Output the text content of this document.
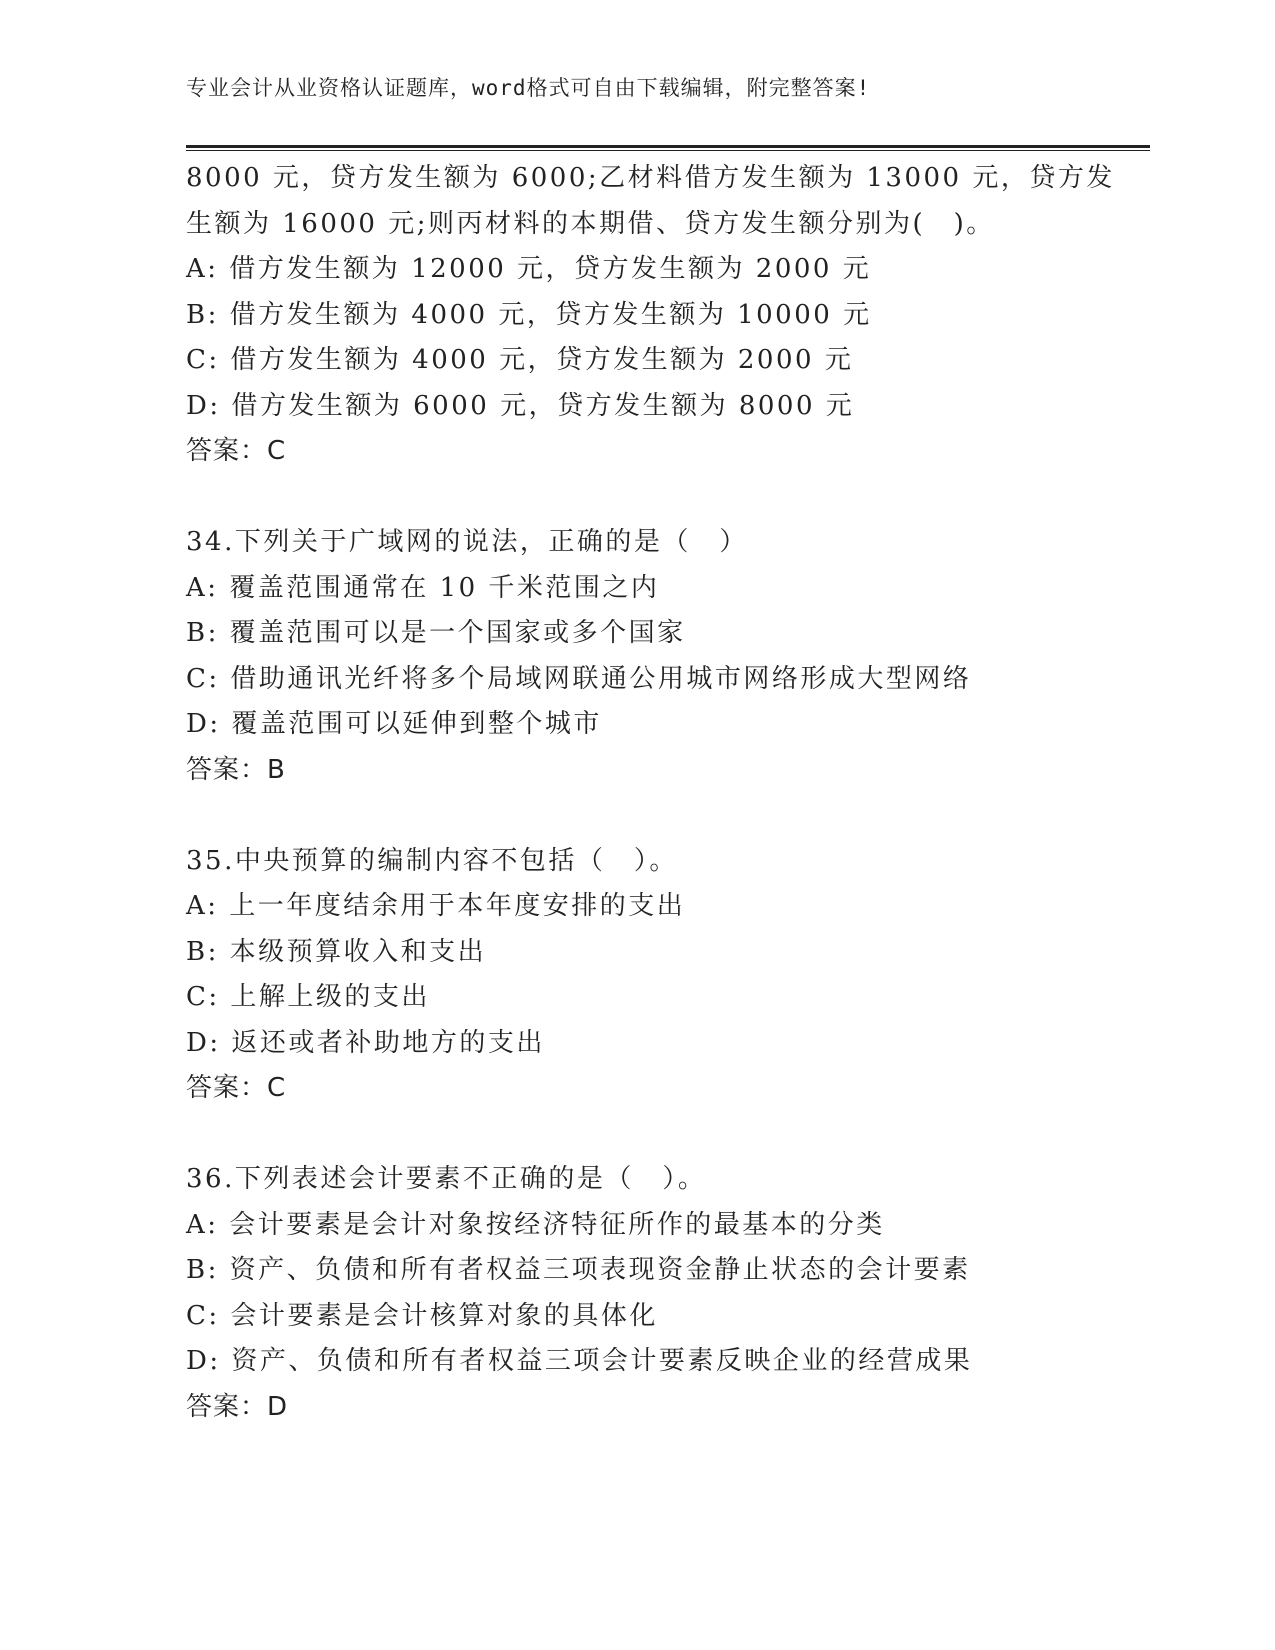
专业会计从业资格认证题库，word格式可自由下载编辑，附完整答案!
8000 元，贷方发生额为 6000;乙材料借方发生额为 13000 元，贷方发
生额为 16000 元;则丙材料的本期借、贷方发生额分别为(　)。
A: 借方发生额为 12000 元，贷方发生额为 2000 元
B: 借方发生额为 4000 元，贷方发生额为 10000 元
C: 借方发生额为 4000 元，贷方发生额为 2000 元
D: 借方发生额为 6000 元，贷方发生额为 8000 元
答案：C
34.下列关于广域网的说法，正确的是（　）
A: 覆盖范围通常在 10 千米范围之内
B: 覆盖范围可以是一个国家或多个国家
C: 借助通讯光纤将多个局域网联通公用城市网络形成大型网络
D: 覆盖范围可以延伸到整个城市
答案：B
35.中央预算的编制内容不包括（　）。
A: 上一年度结余用于本年度安排的支出
B: 本级预算收入和支出
C: 上解上级的支出
D: 返还或者补助地方的支出
答案：C
36.下列表述会计要素不正确的是（　）。
A: 会计要素是会计对象按经济特征所作的最基本的分类
B: 资产、负债和所有者权益三项表现资金静止状态的会计要素
C: 会计要素是会计核算对象的具体化
D: 资产、负债和所有者权益三项会计要素反映企业的经营成果
答案：D
